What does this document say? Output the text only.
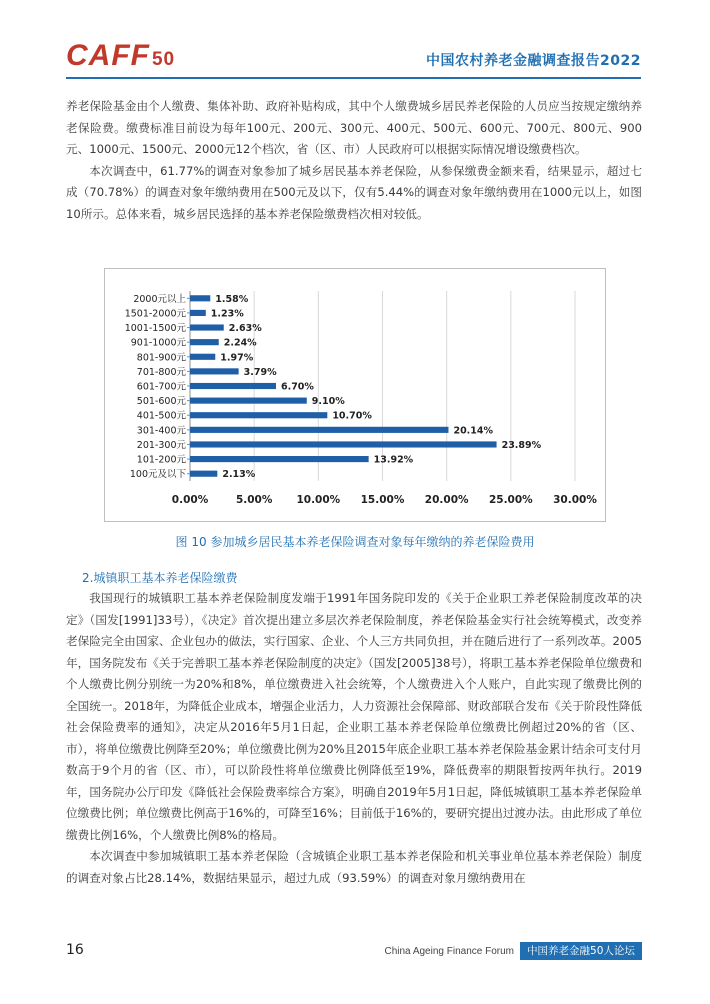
CAFF 50	中国农村养老金融调查报告2022

养老保险基金由个人缴费、集体补助、政府补贴构成，其中个人缴费城乡居民养老保险的人员应当按规定缴纳养老保险费。缴费标准目前设为每年100元、200元、300元、400元、500元、600元、700元、800元、900元、1000元、1500元、2000元12个档次，省（区、市）人民政府可以根据实际情况增设缴费档次。

本次调查中，61.77%的调查对象参加了城乡居民基本养老保险，从参保缴费金额来看，结果显示，超过七成（70.78%）的调查对象年缴纳费用在500元及以下，仅有5.44%的调查对象年缴纳费用在1000元以上，如图10所示。总体来看，城乡居民选择的基本养老保险缴费档次相对较低。

0.00%	5.00% 10.00% 15.00% 20.00% 25.00% 30.00%
2000元以上	1.58%
1501-2000元	1.23%
1001-1500元	2.63%
901-1000元	2.24%
801-900元	1.97%
701-800元	3.79%
601-700元	6.70%
501-600元	9.10%
401-500元	10.70%
301-400元	20.14%
201-300元	23.89%
101-200元	13.92%
100元及以下	2.13%
图 10 参加城乡居民基本养老保险调查对象每年缴纳的养老保险费用
2.城镇职工基本养老保险缴费

我国现行的城镇职工基本养老保险制度发端于1991年国务院印发的《关于企业职工养老保险制度改革的决定》（国发[1991]33号），《决定》首次提出建立多层次养老保险制度，养老保险基金实行社会统筹模式，改变养老保险完全由国家、企业包办的做法，实行国家、企业、个人三方共同负担，并在随后进行了一系列改革。2005年，国务院发布《关于完善职工基本养老保险制度的决定》（国发[2005]38号），将职工基本养老保险单位缴费和个人缴费比例分别统一为20%和8%，单位缴费进入社会统筹，个人缴费进入个人账户，自此实现了缴费比例的全国统一。2018年，为降低企业成本，增强企业活力，人力资源社会保障部、财政部联合发布《关于阶段性降低社会保险费率的通知》，决定从2016年5月1日起，企业职工基本养老保险单位缴费比例超过20%的省（区、市），将单位缴费比例降至20%；单位缴费比例为20%且2015年底企业职工基本养老保险基金累计结余可支付月数高于9个月的省（区、市），可以阶段性将单位缴费比例降低至19%，降低费率的期限暂按两年执行。2019年，国务院办公厅印发《降低社会保险费率综合方案》，明确自2019年5月1日起，降低城镇职工基本养老保险单位缴费比例；单位缴费比例高于16%的，可降至16%；目前低于16%的，要研究提出过渡办法。由此形成了单位缴费比例16%，个人缴费比例8%的格局。

本次调查中参加城镇职工基本养老保险（含城镇企业职工基本养老保险和机关事业单位基本养老保险）制度的调查对象占比28.14%，数据结果显示，超过九成（93.59%）的调查对象月缴纳费用在

16	China Ageing Finance Forum	中国养老金融50人论坛
